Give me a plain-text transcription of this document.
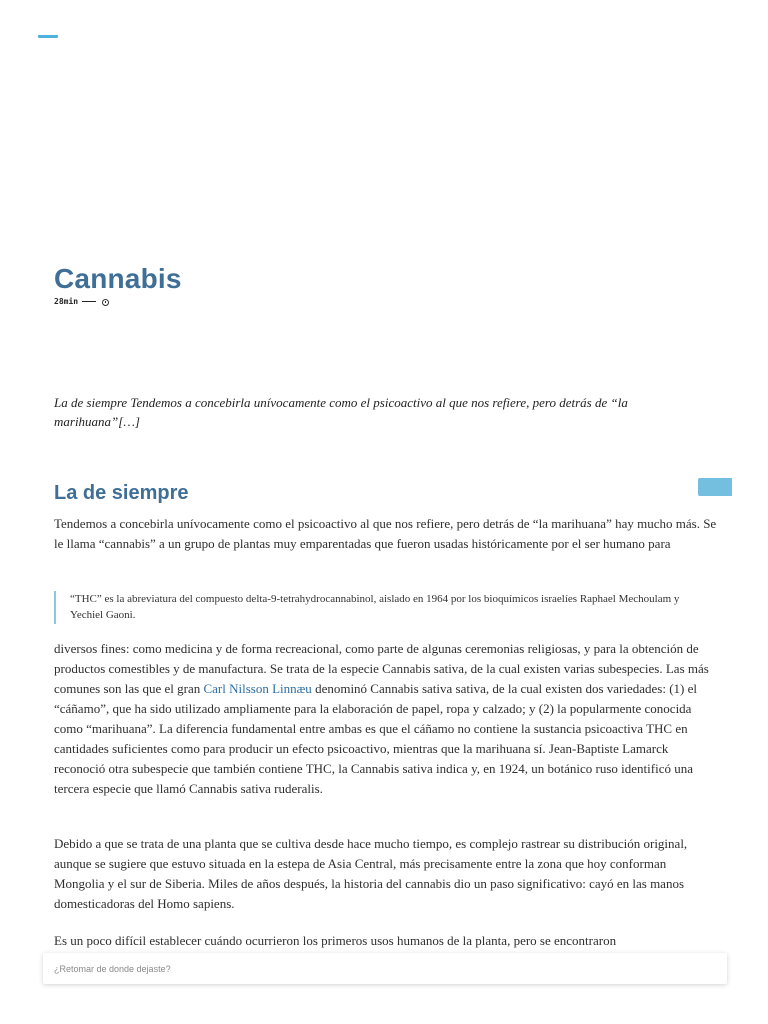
Cannabis
28min

La de siempre Tendemos a concebirla unívocamente como el psicoactivo al que nos refiere, pero detrás de “la marihuana”[…]

La de siempre

Tendemos a concebirla unívocamente como el psicoactivo al que nos refiere, pero detrás de “la marihuana” hay mucho más. Se le llama “cannabis” a un grupo de plantas muy emparentadas que fueron usadas históricamente por el ser humano para

“THC” es la abreviatura del compuesto delta-9-tetrahydrocannabinol, aislado en 1964 por los bioquímicos israelíes Raphael Mechoulam y Yechiel Gaoni.

diversos fines: como medicina y de forma recreacional, como parte de algunas ceremonias religiosas, y para la obtención de productos comestibles y de manufactura. Se trata de la especie Cannabis sativa, de la cual existen varias subespecies. Las más comunes son las que el gran Carl Nilsson Linnæu denominó Cannabis sativa sativa, de la cual existen dos variedades: (1) el “cáñamo”, que ha sido utilizado ampliamente para la elaboración de papel, ropa y calzado; y (2) la popularmente conocida como “marihuana”. La diferencia fundamental entre ambas es que el cáñamo no contiene la sustancia psicoactiva THC en cantidades suficientes como para producir un efecto psicoactivo, mientras que la marihuana sí. Jean-Baptiste Lamarck reconoció otra subespecie que también contiene THC, la Cannabis sativa indica y, en 1924, un botánico ruso identificó una tercera especie que llamó Cannabis sativa ruderalis.

Debido a que se trata de una planta que se cultiva desde hace mucho tiempo, es complejo rastrear su distribución original, aunque se sugiere que estuvo situada en la estepa de Asia Central, más precisamente entre la zona que hoy conforman Mongolia y el sur de Siberia. Miles de años después, la historia del cannabis dio un paso significativo: cayó en las manos domesticadoras del Homo sapiens.

Es un poco difícil establecer cuándo ocurrieron los primeros usos humanos de la planta, pero se encontraron

¿Retomar de donde dejaste?
